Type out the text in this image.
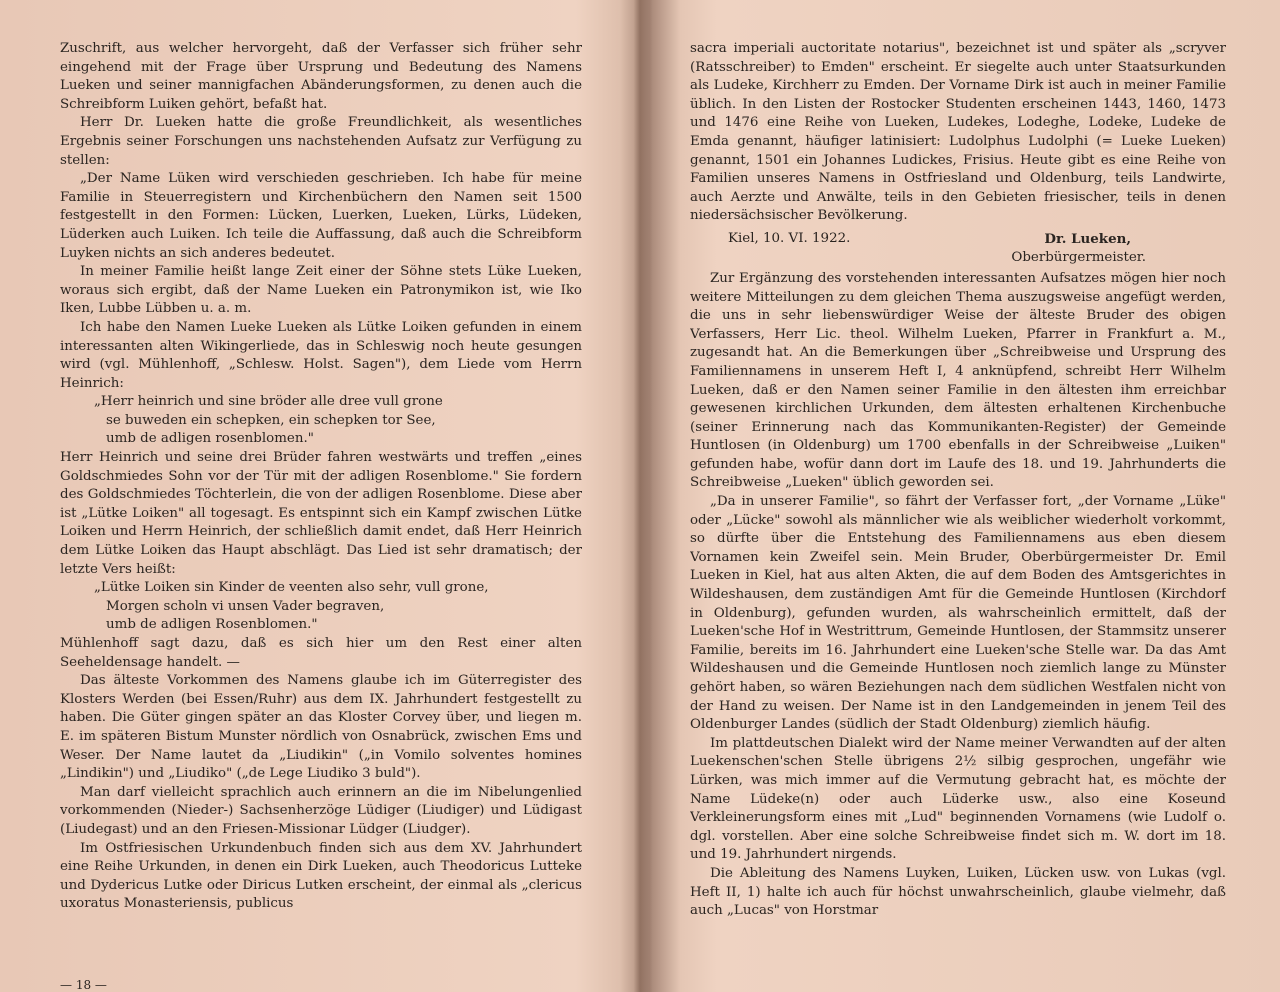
Zuschrift, aus welcher hervorgeht, daß der Verfasser sich früher sehr eingehend mit der Frage über Ursprung und Bedeutung des Namens Lueken und seiner mannigfachen Abänderungsformen, zu denen auch die Schreibform Luiken gehört, befaßt hat.

Herr Dr. Lueken hatte die große Freundlichkeit, als wesentliches Ergebnis seiner Forschungen uns nachstehenden Aufsatz zur Verfügung zu stellen:

„Der Name Lüken wird verschieden geschrieben. Ich habe für meine Familie in Steuerregistern und Kirchenbüchern den Namen seit 1500 festgestellt in den Formen: Lücken, Luerken, Lueken, Lürks, Lüdeken, Lüderken auch Luiken. Ich teile die Auffassung, daß auch die Schreibform Luyken nichts an sich anderes bedeutet.

In meiner Familie heißt lange Zeit einer der Söhne stets Lüke Lueken, woraus sich ergibt, daß der Name Lueken ein Patronymikon ist, wie Iko Iken, Lubbe Lübben u. a. m.

Ich habe den Namen Lueke Lueken als Lütke Loiken gefunden in einem interessanten alten Wikingerliede, das in Schleswig noch heute gesungen wird (vgl. Mühlenhoff, „Schlesw. Holst. Sagen"), dem Liede vom Herrn Heinrich:

„Herr heinrich und sine bröder alle dree vull grone
se buweden ein schepken, ein schepken tor See,
umb de adligen rosenblomen."

Herr Heinrich und seine drei Brüder fahren westwärts und treffen „eines Goldschmiedes Sohn vor der Tür mit der adligen Rosenblome." Sie fordern des Goldschmiedes Töchterlein, die von der adligen Rosenblome. Diese aber ist „Lütke Loiken" all togesagt. Es entspinnt sich ein Kampf zwischen Lütke Loiken und Herrn Heinrich, der schließlich damit endet, daß Herr Heinrich dem Lütke Loiken das Haupt abschlägt. Das Lied ist sehr dramatisch; der letzte Vers heißt:

„Lütke Loiken sin Kinder de veenten also sehr, vull grone,
Morgen scholn vi unsen Vader begraven,
umb de adligen Rosenblomen."

Mühlenhoff sagt dazu, daß es sich hier um den Rest einer alten Seeheldensage handelt. —

Das älteste Vorkommen des Namens glaube ich im Güterregister des Klosters Werden (bei Essen/Ruhr) aus dem IX. Jahrhundert festgestellt zu haben. Die Güter gingen später an das Kloster Corvey über, und liegen m. E. im späteren Bistum Munster nördlich von Osnabrück, zwischen Ems und Weser. Der Name lautet da „Liudikin" („in Vomilo solventes homines „Lindikin") und „Liudiko" („de Lege Liudiko 3 buld").

Man darf vielleicht sprachlich auch erinnern an die im Nibelungenlied vorkommenden (Nieder-) Sachsenherzöge Lüdiger (Liudiger) und Lüdigast (Liudegast) und an den Friesen-Missionar Lüdger (Liudger).

Im Ostfriesischen Urkundenbuch finden sich aus dem XV. Jahrhundert eine Reihe Urkunden, in denen ein Dirk Lueken, auch Theodoricus Lutteke und Dydericus Lutke oder Diricus Lutken erscheint, der einmal als „clericus uxoratus Monasteriensis, publicus

sacra imperiali auctoritate notarius", bezeichnet ist und später als „scryver (Ratsschreiber) to Emden" erscheint. Er siegelte auch unter Staatsurkunden als Ludeke, Kirchherr zu Emden. Der Vorname Dirk ist auch in meiner Familie üblich. In den Listen der Rostocker Studenten erscheinen 1443, 1460, 1473 und 1476 eine Reihe von Lueken, Ludekes, Lodeghe, Lodeke, Ludeke de Emda genannt, häufiger latinisiert: Ludolphus Ludolphi (= Lueke Lueken) genannt, 1501 ein Johannes Ludickes, Frisius. Heute gibt es eine Reihe von Familien unseres Namens in Ostfriesland und Oldenburg, teils Landwirte, auch Aerzte und Anwälte, teils in den Gebieten friesischer, teils in denen niedersächsischer Bevölkerung.

Kiel, 10. VI. 1922.	Dr. Lueken,
Oberbürgermeister.

Zur Ergänzung des vorstehenden interessanten Aufsatzes mögen hier noch weitere Mitteilungen zu dem gleichen Thema auszugsweise angefügt werden, die uns in sehr liebenswürdiger Weise der älteste Bruder des obigen Verfassers, Herr Lic. theol. Wilhelm Lueken, Pfarrer in Frankfurt a. M., zugesandt hat. An die Bemerkungen über „Schreibweise und Ursprung des Familiennamens in unserem Heft I, 4 anknüpfend, schreibt Herr Wilhelm Lueken, daß er den Namen seiner Familie in den ältesten ihm erreichbar gewesenen kirchlichen Urkunden, dem ältesten erhaltenen Kirchenbuche (seiner Erinnerung nach das Kommunikanten-Register) der Gemeinde Huntlosen (in Oldenburg) um 1700 ebenfalls in der Schreibweise „Luiken" gefunden habe, wofür dann dort im Laufe des 18. und 19. Jahrhunderts die Schreibweise „Lueken" üblich geworden sei.

„Da in unserer Familie", so fährt der Verfasser fort, „der Vorname „Lüke" oder „Lücke" sowohl als männlicher wie als weiblicher wiederholt vorkommt, so dürfte über die Entstehung des Familiennamens aus eben diesem Vornamen kein Zweifel sein. Mein Bruder, Oberbürgermeister Dr. Emil Lueken in Kiel, hat aus alten Akten, die auf dem Boden des Amtsgerichtes in Wildeshausen, dem zuständigen Amt für die Gemeinde Huntlosen (Kirchdorf in Oldenburg), gefunden wurden, als wahrscheinlich ermittelt, daß der Lueken'sche Hof in Westrittrum, Gemeinde Huntlosen, der Stammsitz unserer Familie, bereits im 16. Jahrhundert eine Lueken'sche Stelle war. Da das Amt Wildeshausen und die Gemeinde Huntlosen noch ziemlich lange zu Münster gehört haben, so wären Beziehungen nach dem südlichen Westfalen nicht von der Hand zu weisen. Der Name ist in den Landgemeinden in jenem Teil des Oldenburger Landes (südlich der Stadt Oldenburg) ziemlich häufig.

Im plattdeutschen Dialekt wird der Name meiner Verwandten auf der alten Luekenschen'schen Stelle übrigens 2½ silbig gesprochen, ungefähr wie Lürken, was mich immer auf die Vermutung gebracht hat, es möchte der Name Lüdeke(n) oder auch Lüderke usw., also eine Koseund Verkleinerungsform eines mit „Lud" beginnenden Vornamens (wie Ludolf o. dgl. vorstellen. Aber eine solche Schreibweise findet sich m. W. dort im 18. und 19. Jahrhundert nirgends.

Die Ableitung des Namens Luyken, Luiken, Lücken usw. von Lukas (vgl. Heft II, 1) halte ich auch für höchst unwahrscheinlich, glaube vielmehr, daß auch „Lucas" von Horstmar

— 18 —
